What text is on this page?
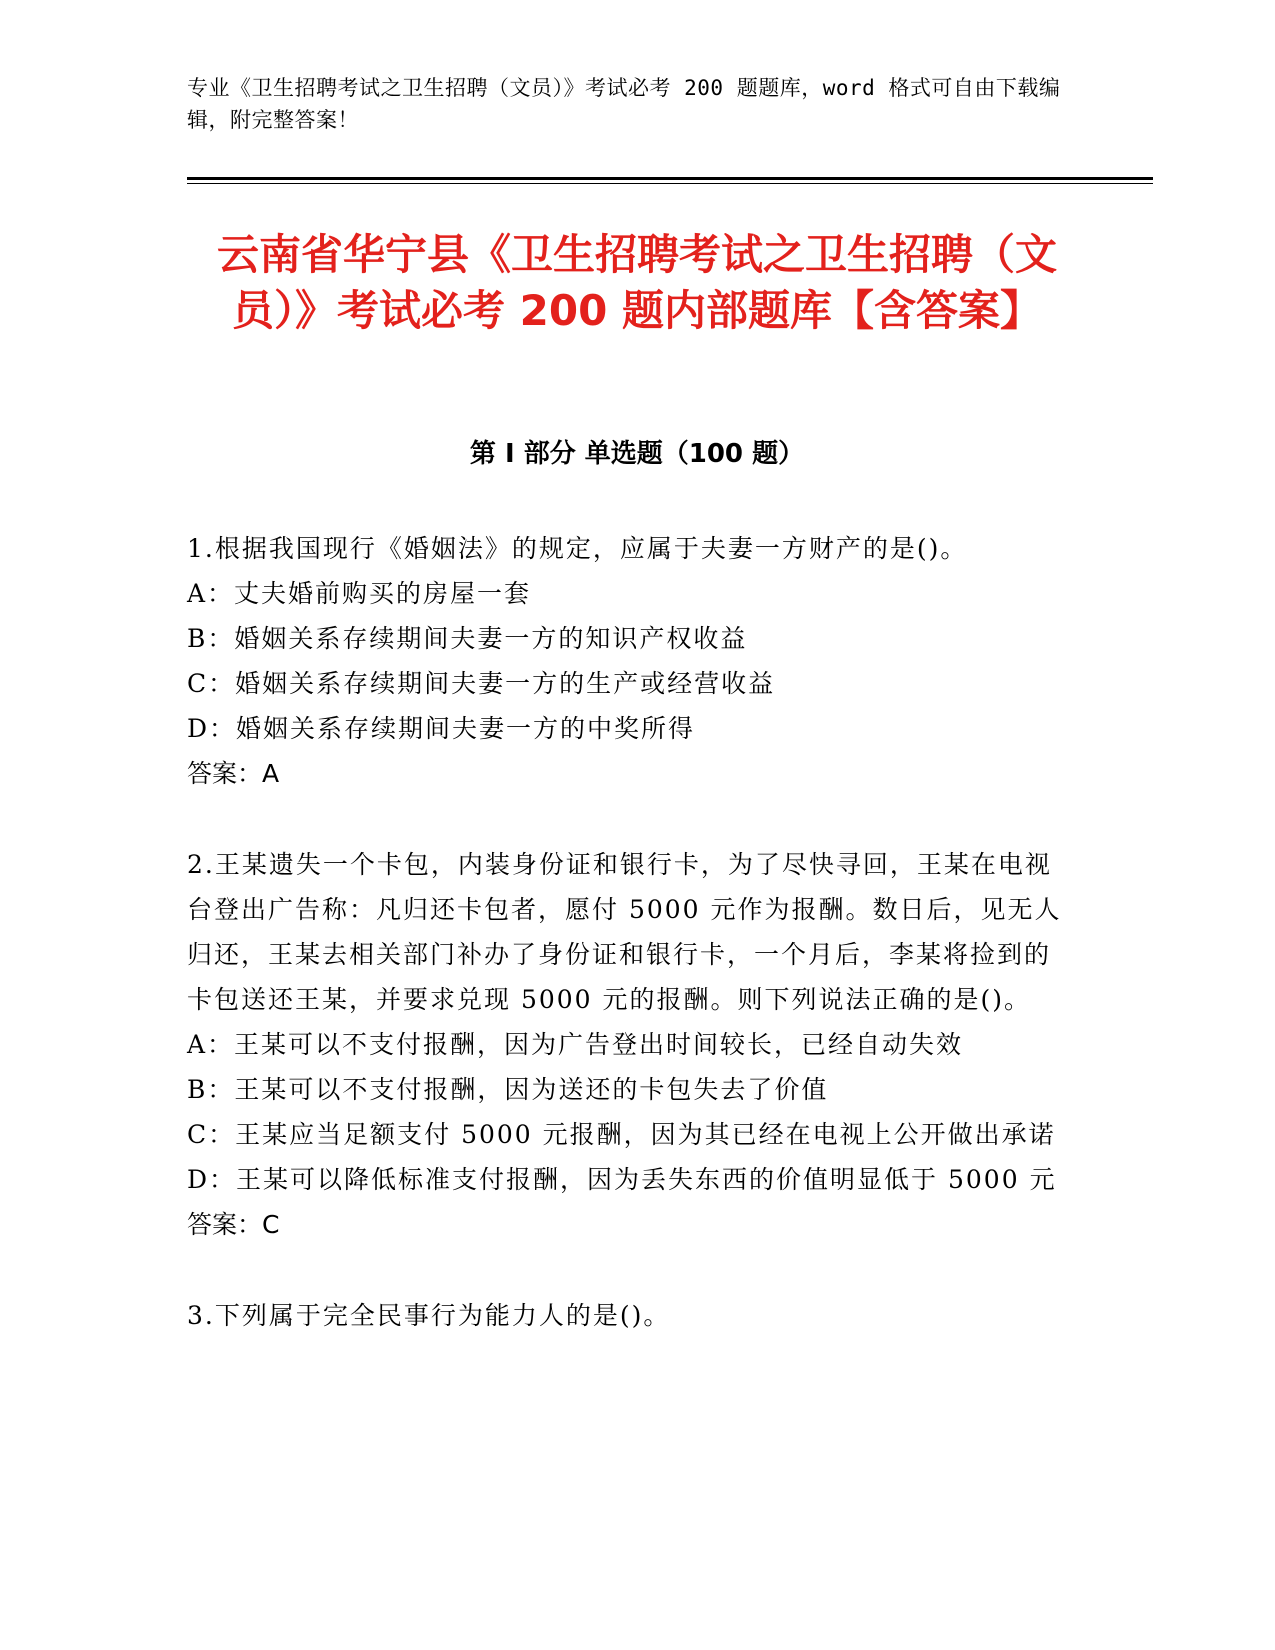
专业《卫生招聘考试之卫生招聘（文员）》考试必考 200 题题库，word 格式可自由下载编辑，附完整答案！
云南省华宁县《卫生招聘考试之卫生招聘（文员）》考试必考 200 题内部题库【含答案】
第 I 部分 单选题（100 题）

1.根据我国现行《婚姻法》的规定，应属于夫妻一方财产的是()。

A：丈夫婚前购买的房屋一套

B：婚姻关系存续期间夫妻一方的知识产权收益

C：婚姻关系存续期间夫妻一方的生产或经营收益

D：婚姻关系存续期间夫妻一方的中奖所得

答案：A

2.王某遗失一个卡包，内装身份证和银行卡，为了尽快寻回，王某在电视台登出广告称：凡归还卡包者，愿付 5000 元作为报酬。数日后，见无人归还，王某去相关部门补办了身份证和银行卡，一个月后，李某将捡到的卡包送还王某，并要求兑现 5000 元的报酬。则下列说法正确的是()。

A：王某可以不支付报酬，因为广告登出时间较长，已经自动失效

B：王某可以不支付报酬，因为送还的卡包失去了价值

C：王某应当足额支付 5000 元报酬，因为其已经在电视上公开做出承诺

D：王某可以降低标准支付报酬，因为丢失东西的价值明显低于 5000 元

答案：C

3.下列属于完全民事行为能力人的是()。
